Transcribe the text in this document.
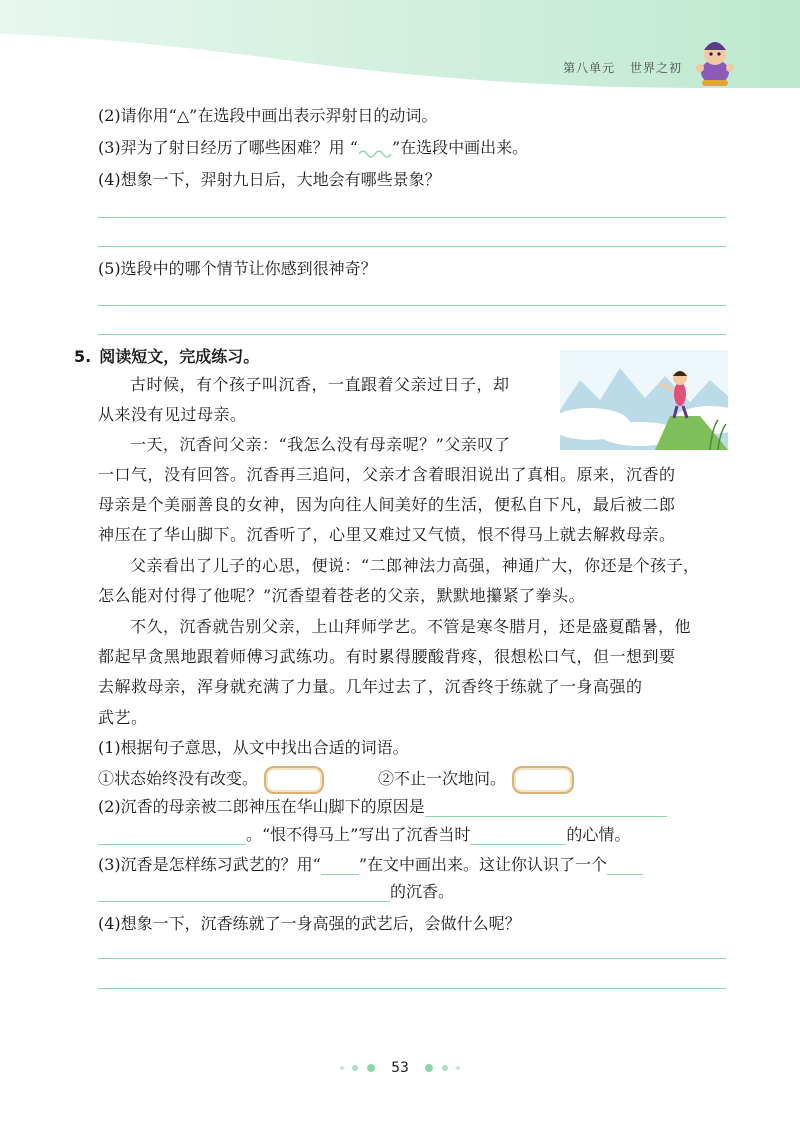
第八单元 世界之初
(2)请你用“△”在选段中画出表示羿射日的动词。
(3)羿为了射日经历了哪些困难？用 “ ”在选段中画出来。
(4)想象一下，羿射九日后，大地会有哪些景象？
(5)选段中的哪个情节让你感到很神奇？
5. 阅读短文，完成练习。
古时候，有个孩子叫沉香，一直跟着父亲过日子，却
从来没有见过母亲。
一天，沉香问父亲：“我怎么没有母亲呢？”父亲叹了
一口气，没有回答。沉香再三追问，父亲才含着眼泪说出了真相。原来，沉香的
母亲是个美丽善良的女神，因为向往人间美好的生活，便私自下凡，最后被二郎
神压在了华山脚下。沉香听了，心里又难过又气愤，恨不得马上就去解救母亲。
父亲看出了儿子的心思，便说：“二郎神法力高强，神通广大，你还是个孩子，
怎么能对付得了他呢？”沉香望着苍老的父亲，默默地攥紧了拳头。
不久，沉香就告别父亲，上山拜师学艺。不管是寒冬腊月，还是盛夏酷暑，他
都起早贪黑地跟着师傅习武练功。有时累得腰酸背疼，很想松口气，但一想到要
去解救母亲，浑身就充满了力量。几年过去了，沉香终于练就了一身高强的
武艺。
(1)根据句子意思，从文中找出合适的词语。
①状态始终没有改变。	②不止一次地问。
(2)沉香的母亲被二郎神压在华山脚下的原因是
。“恨不得马上”写出了沉香当时	的心情。
(3)沉香是怎样练习武艺的？用“ ”在文中画出来。这让你认识了一个
的沉香。
(4)想象一下，沉香练就了一身高强的武艺后，会做什么呢？
53
